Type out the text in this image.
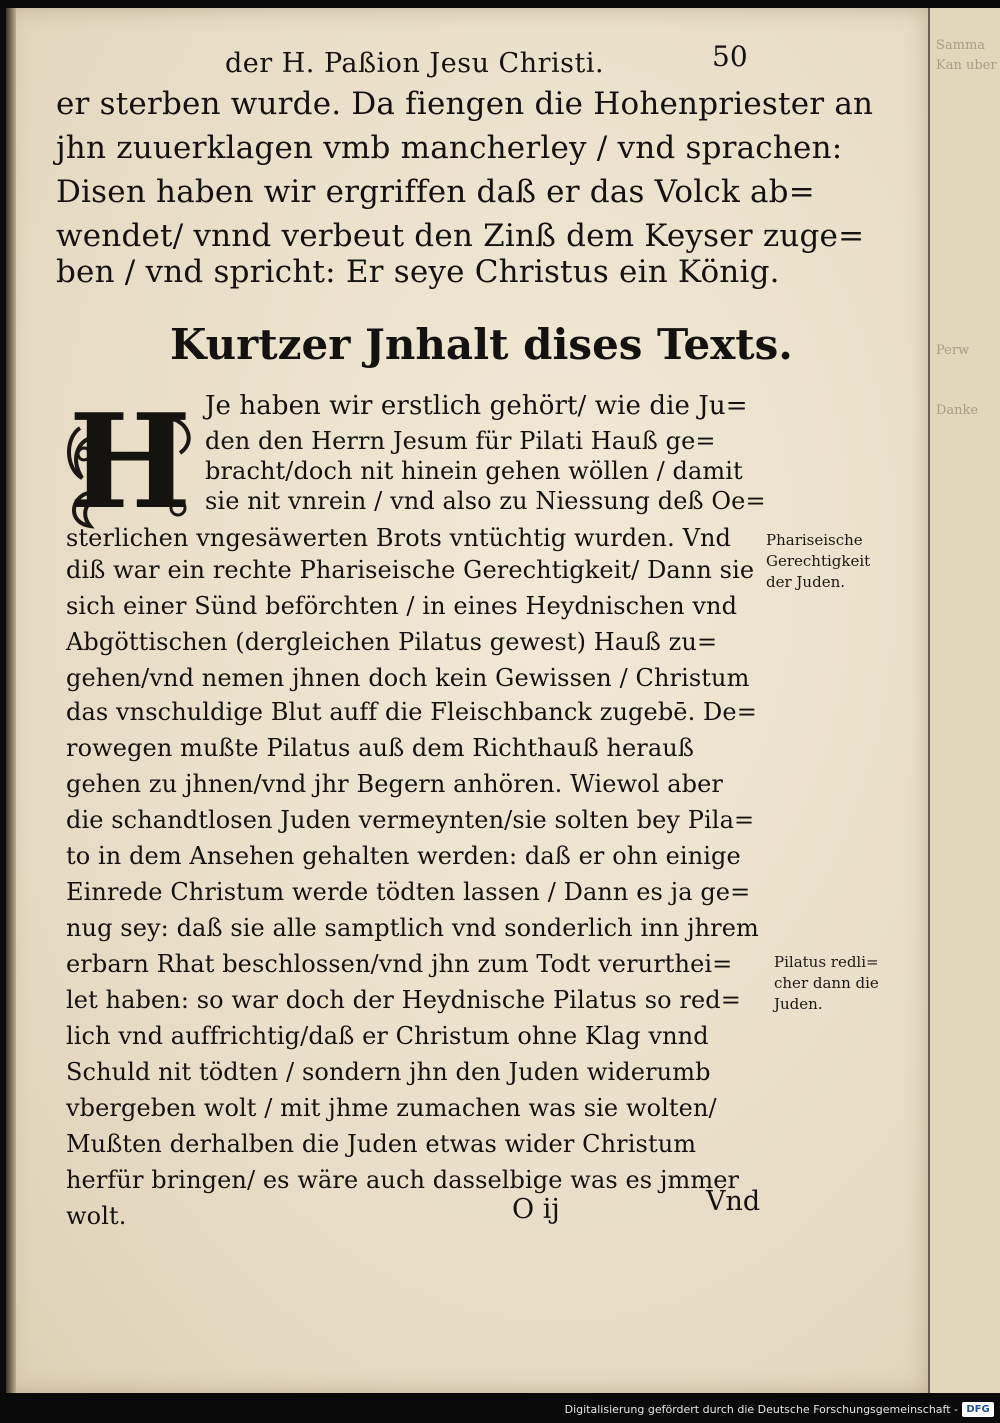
Samma
Kan uber
Perw
Danke
der H. Paßion Jesu Christi.	50
er sterben wurde. Da fiengen die Hohenpriester an
jhn zuuerklagen vmb mancherley / vnd sprachen:
Disen haben wir ergriffen daß er das Volck ab=
wendet/ vnnd verbeut den Zinß dem Keyser zuge=
ben / vnd spricht: Er seye Christus ein König.
Kurtzer Jnhalt dises Texts.
H Je haben wir erstlich gehört/ wie die Ju=
den den Herrn Jesum für Pilati Hauß ge=
bracht/doch nit hinein gehen wöllen / damit
sie nit vnrein / vnd also zu Niessung deß Oe=
sterlichen vngesäwerten Brots vntüchtig wurden. Vnd
diß war ein rechte Phariseische Gerechtigkeit/ Dann sie
sich einer Sünd beförchten / in eines Heydnischen vnd
Abgöttischen (dergleichen Pilatus gewest) Hauß zu=
gehen/vnd nemen jhnen doch kein Gewissen / Christum
das vnschuldige Blut auff die Fleischbanck zugebē. De=
rowegen mußte Pilatus auß dem Richthauß herauß
gehen zu jhnen/vnd jhr Begern anhören. Wiewol aber
die schandtlosen Juden vermeynten/sie solten bey Pila=
to in dem Ansehen gehalten werden: daß er ohn einige
Einrede Christum werde tödten lassen / Dann es ja ge=
nug sey: daß sie alle samptlich vnd sonderlich inn jhrem
erbarn Rhat beschlossen/vnd jhn zum Todt verurthei=
let haben: so war doch der Heydnische Pilatus so red=
lich vnd auffrichtig/daß er Christum ohne Klag vnnd
Schuld nit tödten / sondern jhn den Juden widerumb
vbergeben wolt / mit jhme zumachen was sie wolten/
Mußten derhalben die Juden etwas wider Christum
herfür bringen/ es wäre auch dasselbige was es jmmer
wolt.
Phariseische
Gerechtigkeit
der Juden.
Pilatus redli=
cher dann die
Juden.
O ij	Vnd
Digitalisierung gefördert durch die Deutsche Forschungsgemeinschaft - DFG
